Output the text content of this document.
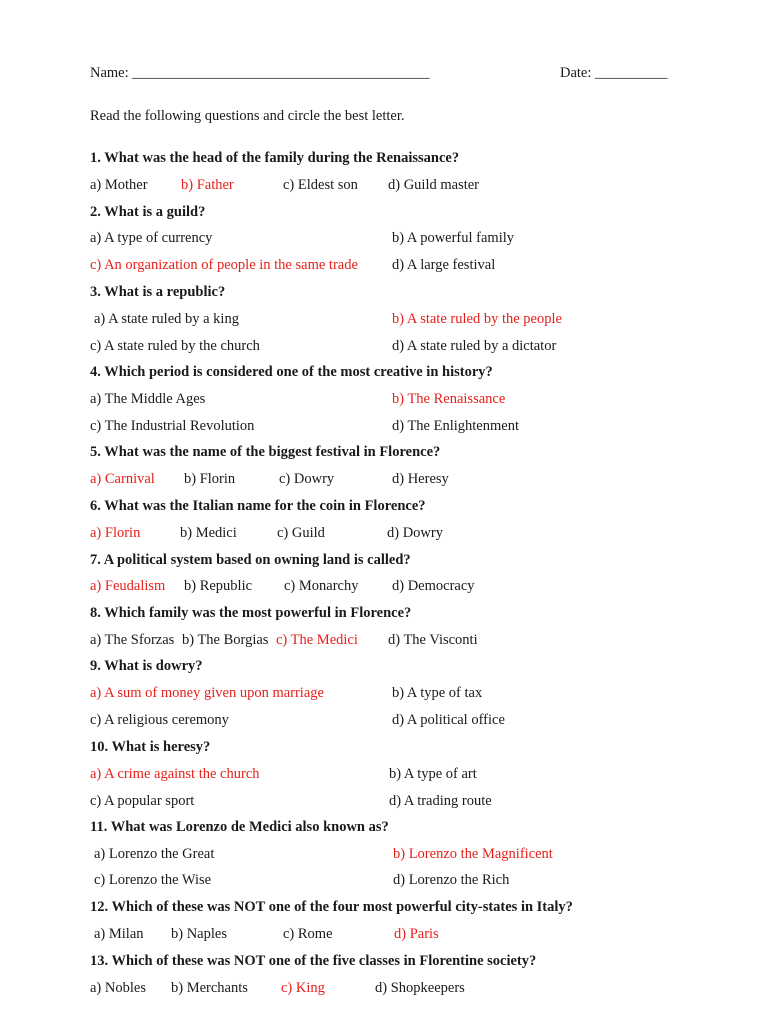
Name: _________________________________________	Date: __________
Read the following questions and circle the best letter.
1. What was the head of the family during the Renaissance?
a) Mother b) Father	c) Eldest son d) Guild master
2. What is a guild?
a) A type of currency	b) A powerful family
c) An organization of people in the same trade d) A large festival
3. What is a republic?
a) A state ruled by a king	b) A state ruled by the people
c) A state ruled by the church	d) A state ruled by a dictator
4. Which period is considered one of the most creative in history?
a) The Middle Ages	b) The Renaissance
c) The Industrial Revolution	d) The Enlightenment
5. What was the name of the biggest festival in Florence?
a) Carnival b) Florin	c) Dowry	d) Heresy
6. What was the Italian name for the coin in Florence?
a) Florin	b) Medici	c) Guild	d) Dowry
7. A political system based on owning land is called?
a) Feudalism b) Republic c) Monarchy d) Democracy
8. Which family was the most powerful in Florence?
a) The Sforzas b) The Borgias c) The Medici d) The Visconti
9. What is dowry?
a) A sum of money given upon marriage	b) A type of tax
c) A religious ceremony	d) A political office
10. What is heresy?
a) A crime against the church	b) A type of art
c) A popular sport	d) A trading route
11. What was Lorenzo de Medici also known as?
a) Lorenzo the Great	b) Lorenzo the Magnificent
c) Lorenzo the Wise	d) Lorenzo the Rich
12. Which of these was NOT one of the four most powerful city-states in Italy?
a) Milan b) Naples	c) Rome	d) Paris
13. Which of these was NOT one of the five classes in Florentine society?
a) Nobles b) Merchants c) King	d) Shopkeepers
